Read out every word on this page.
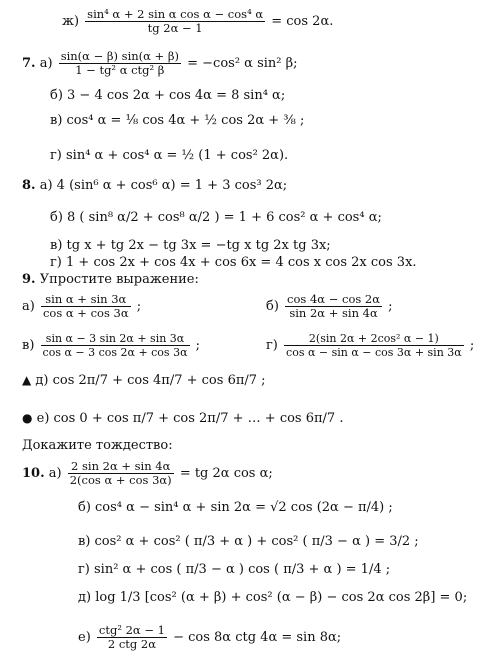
$ж) \frac{\text{sin⁴ α + 2 sin α cos α − cos⁴ α}}{tg 2\alpha - 1} = \cos 2\alpha$.
7. а) sin(α − β) sin(α + β)
1 − tg² α ctg² β	= −cos² α sin² β;
б) 3 − 4 cos 2α + cos 4α = 8 sin⁴ α;
в) cos⁴ α = ⅛ cos 4α + ½ cos 2α + ⅜ ;
г) sin⁴ α + cos⁴ α = ½ (1 + cos² 2α).
8. а) 4 (sin⁶ α + cos⁶ α) = 1 + 3 cos³ 2α;
б) 8 ( sin⁸ α/2 + cos⁸ α/2 ) = 1 + 6 cos² α + cos⁴ α;
в) tg x + tg 2x − tg 3x = −tg x tg 2x tg 3x;
г) 1 + cos 2x + cos 4x + cos 6x = 4 cos x cos 2x cos 3x.
9. Упростите выражение:
$а) \frac{\text{sin α + sin 3α}}{\text{cos α + cos 3α}}$ ;	$б) \frac{\cos 4\alpha - \cos 2\alpha}{\sin 2\alpha + \sin 4\alpha}$ ;
$в) \frac{\text{sin α − 3 sin 2α + sin 3α}}{\text{cos α − 3 cos 2α + cos 3α}}$ ;	$г) \frac{\text{2(sin 2α + 2cos² α − 1)}}{\text{cos α − sin α − cos 3α + sin 3α}}$ ;
▲ д) cos 2π/7 + cos 4π/7 + cos 6π/7 ;
● е) cos 0 + cos π/7 + cos 2π/7 + … + cos 6π/7 .
Докажите тождество:
10. $а) \frac{2 \sin 2\alpha + \sin 4\alpha}{\text{2(cos α + cos 3α)}}$ = tg 2α cos α;
б) cos⁴ α − sin⁴ α + sin 2α = √2 cos (2α − π/4) ;
в) cos² α + cos² ( π/3 + α ) + cos² ( π/3 − α ) = 3/2 ;
г) sin² α + cos ( π/3 − α ) cos ( π/3 + α ) = 1/4 ;
д) log 1/3 [cos² (α + β) + cos² (α − β) − cos 2α cos 2β] = 0;
е) ctg² 2α − 1
2 ctg 2α	− cos 8α ctg 4α = sin 8α;
